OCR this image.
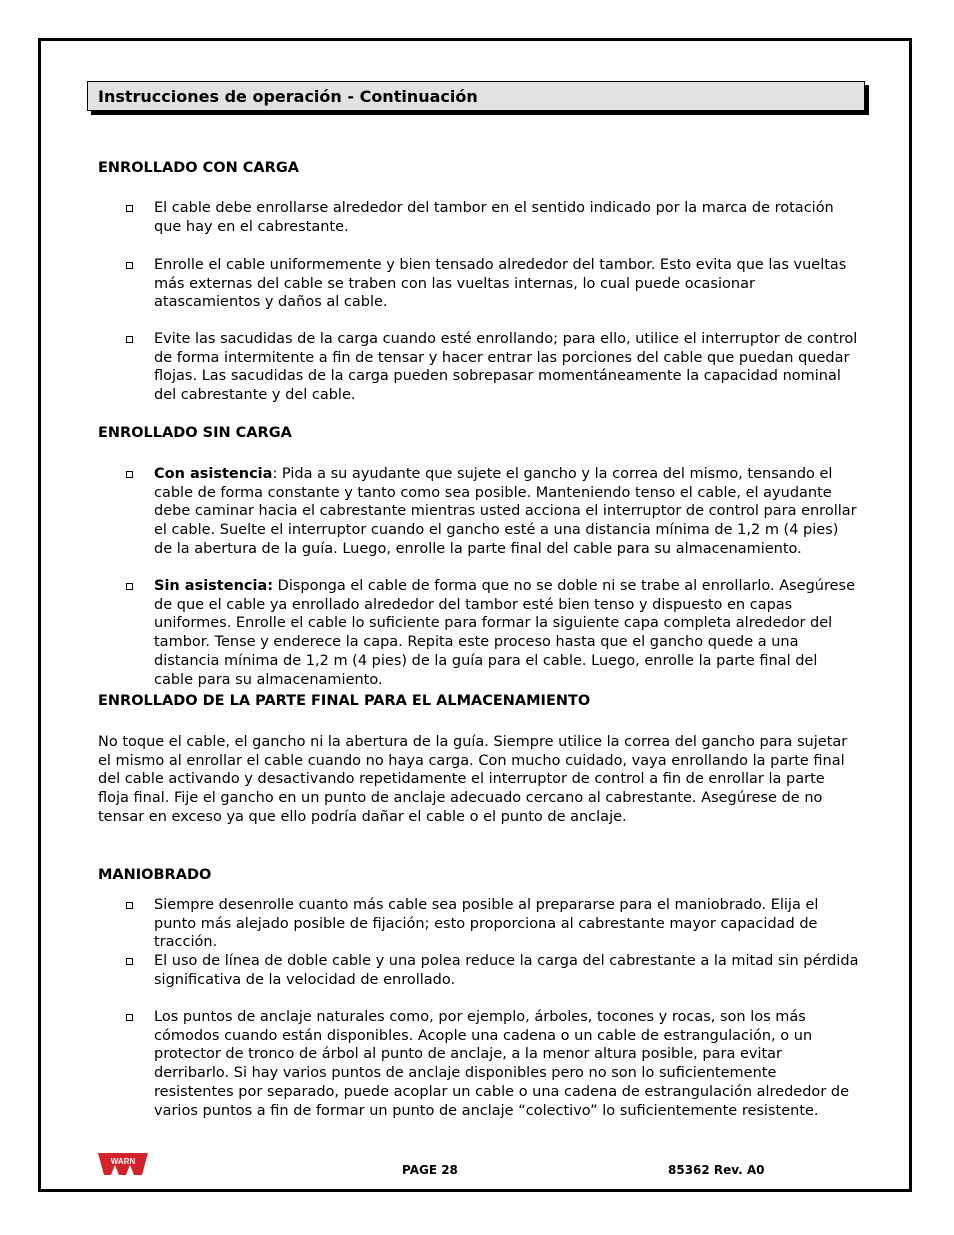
Instrucciones de operación - Continuación
ENROLLADO CON CARGA
El cable debe enrollarse alrededor del tambor en el sentido indicado por la marca de rotación que hay en el cabrestante.
Enrolle el cable uniformemente y bien tensado alrededor del tambor. Esto evita que las vueltas más externas del cable se traben con las vueltas internas, lo cual puede ocasionar atascamientos y daños al cable.
Evite las sacudidas de la carga cuando esté enrollando; para ello, utilice el interruptor de control de forma intermitente a fin de tensar y hacer entrar las porciones del cable que puedan quedar flojas. Las sacudidas de la carga pueden sobrepasar momentáneamente la capacidad nominal del cabrestante y del cable.
ENROLLADO SIN CARGA
Con asistencia: Pida a su ayudante que sujete el gancho y la correa del mismo, tensando el cable de forma constante y tanto como sea posible. Manteniendo tenso el cable, el ayudante debe caminar hacia el cabrestante mientras usted acciona el interruptor de control para enrollar el cable. Suelte el interruptor cuando el gancho esté a una distancia mínima de 1,2 m (4 pies) de la abertura de la guía. Luego, enrolle la parte final del cable para su almacenamiento.
Sin asistencia: Disponga el cable de forma que no se doble ni se trabe al enrollarlo. Asegúrese de que el cable ya enrollado alrededor del tambor esté bien tenso y dispuesto en capas uniformes. Enrolle el cable lo suficiente para formar la siguiente capa completa alrededor del tambor. Tense y enderece la capa. Repita este proceso hasta que el gancho quede a una distancia mínima de 1,2 m (4 pies) de la guía para el cable. Luego, enrolle la parte final del cable para su almacenamiento.
ENROLLADO DE LA PARTE FINAL PARA EL ALMACENAMIENTO
No toque el cable, el gancho ni la abertura de la guía. Siempre utilice la correa del gancho para sujetar el mismo al enrollar el cable cuando no haya carga. Con mucho cuidado, vaya enrollando la parte final del cable activando y desactivando repetidamente el interruptor de control a fin de enrollar la parte floja final. Fije el gancho en un punto de anclaje adecuado cercano al cabrestante. Asegúrese de no tensar en exceso ya que ello podría dañar el cable o el punto de anclaje.
MANIOBRADO
Siempre desenrolle cuanto más cable sea posible al prepararse para el maniobrado. Elija el punto más alejado posible de fijación; esto proporciona al cabrestante mayor capacidad de tracción.
El uso de línea de doble cable y una polea reduce la carga del cabrestante a la mitad sin pérdida significativa de la velocidad de enrollado.
Los puntos de anclaje naturales como, por ejemplo, árboles, tocones y rocas, son los más cómodos cuando están disponibles. Acople una cadena o un cable de estrangulación, o un protector de tronco de árbol al punto de anclaje, a la menor altura posible, para evitar derribarlo. Si hay varios puntos de anclaje disponibles pero no son lo suficientemente resistentes por separado, puede acoplar un cable o una cadena de estrangulación alrededor de varios puntos a fin de formar un punto de anclaje “colectivo” lo suficientemente resistente.
WARN
PAGE 28	85362 Rev. A0
